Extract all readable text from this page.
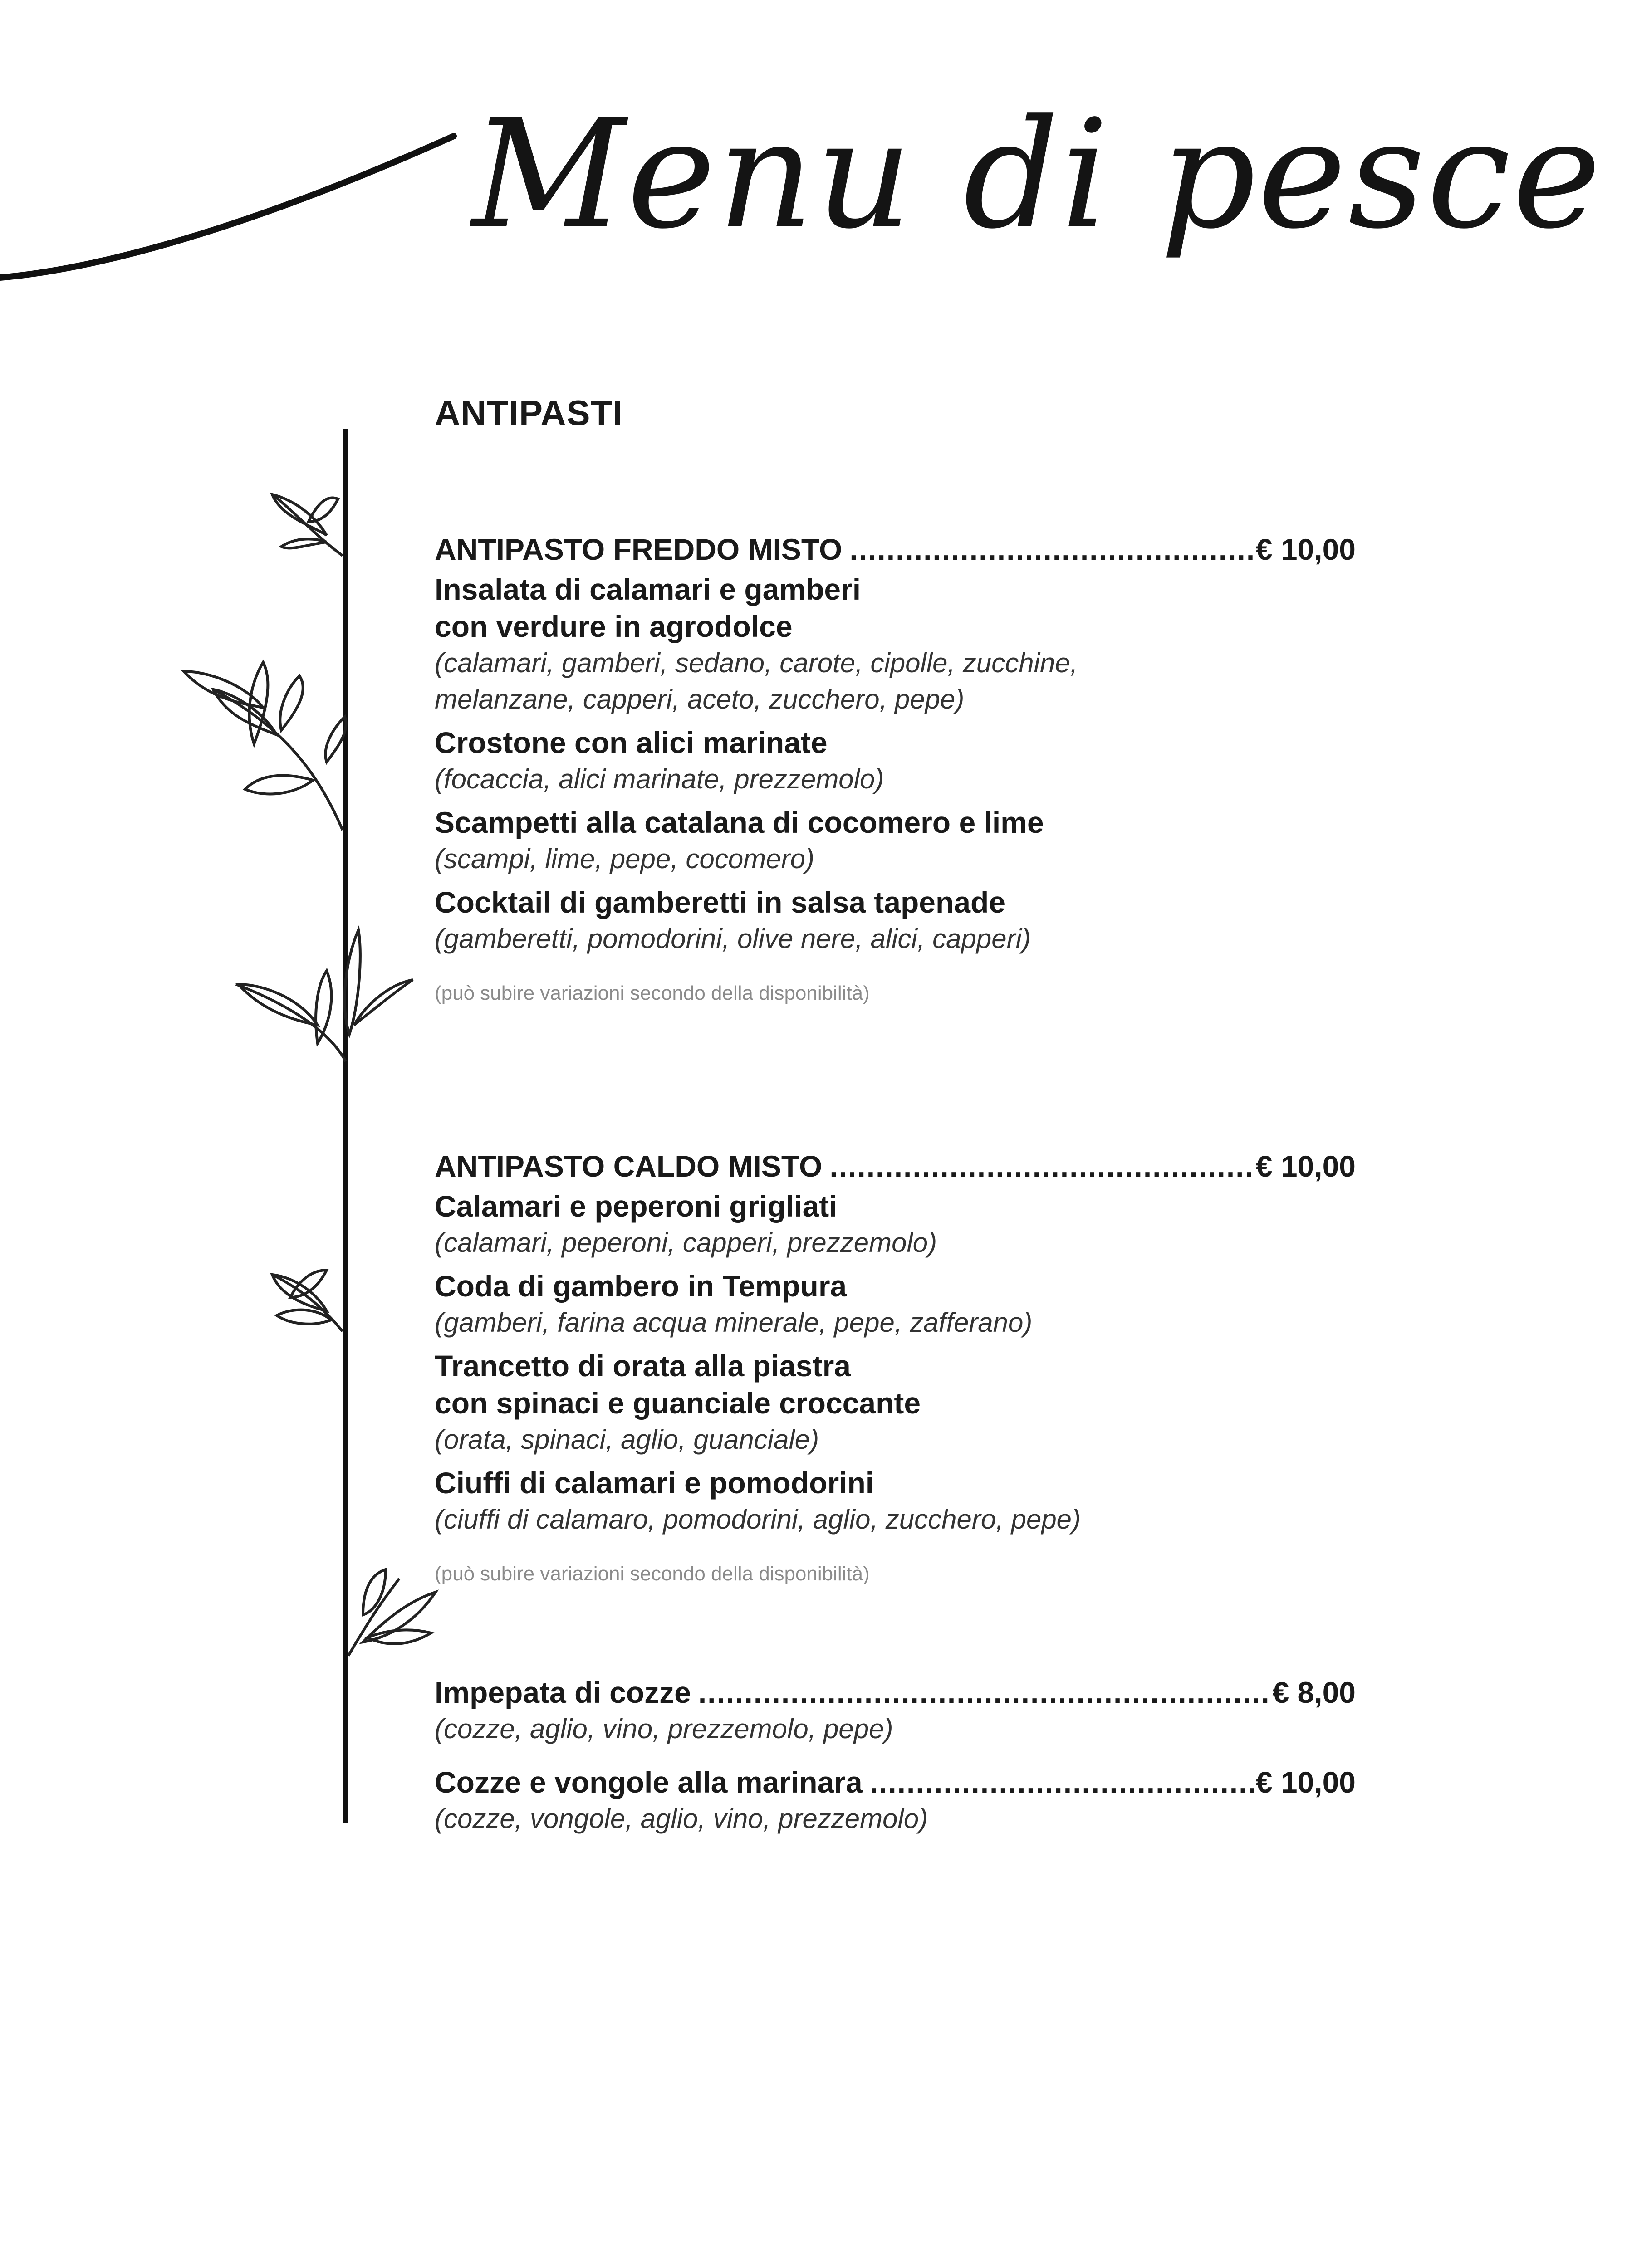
Menu di pesce
ANTIPASTI
ANTIPASTO FREDDO MISTO .....	€ 10,00
Insalata di calamari e gamberi
con verdure in agrodolce
(calamari, gamberi, sedano, carote, cipolle, zucchine,
melanzane, capperi, aceto, zucchero, pepe)
Crostone con alici marinate
(focaccia, alici marinate, prezzemolo)
Scampetti alla catalana di cocomero e lime
(scampi, lime, pepe, cocomero)
Cocktail di gamberetti in salsa tapenade
(gamberetti, pomodorini, olive nere, alici, capperi)
(può subire variazioni secondo della disponibilità)
ANTIPASTO CALDO MISTO .....	€ 10,00
Calamari e peperoni grigliati
(calamari, peperoni, capperi, prezzemolo)
Coda di gambero in Tempura
(gamberi, farina acqua minerale, pepe, zafferano)
Trancetto di orata alla piastra
con spinaci e guanciale croccante
(orata, spinaci, aglio, guanciale)
Ciuffi di calamari e pomodorini
(ciuffi di calamaro, pomodorini, aglio, zucchero, pepe)
(può subire variazioni secondo della disponibilità)
Impepata di cozze .....	€ 8,00
(cozze, aglio, vino, prezzemolo, pepe)
Cozze e vongole alla marinara .....	€ 10,00
(cozze, vongole, aglio, vino, prezzemolo)
